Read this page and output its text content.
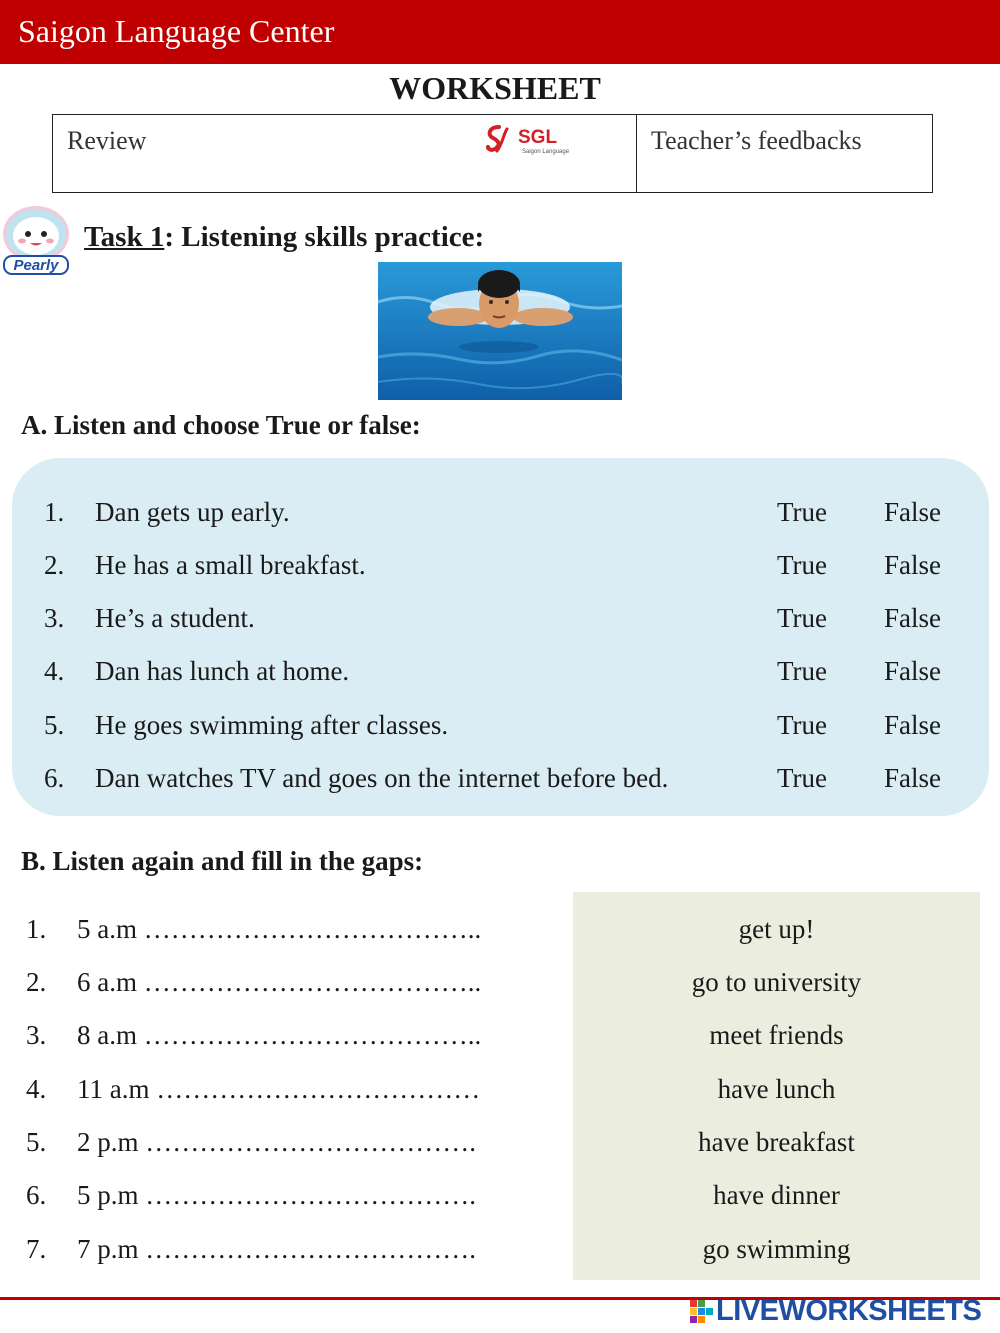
Saigon Language Center
WORKSHEET
Review	SGL
Saigon Language	Teacher’s feedbacks
Pearly
Task 1: Listening skills practice:
A. Listen and choose True or false:
1. Dan gets up early.	True False
2. He has a small breakfast.	True False
3. He’s a student.	True False
4. Dan has lunch at home.	True False
5. He goes swimming after classes.	True False
6. Dan watches TV and goes on the internet before bed.	True False
B. Listen again and fill in the gaps:
1. 5 a.m ………………………………..
2. 6 a.m ………………………………..
3. 8 a.m ………………………………..
4. 11 a.m ………………………………
5. 2 p.m ……………………………….
6. 5 p.m ……………………………….
7. 7 p.m ……………………………….
get up!
go to university
meet friends
have lunch
have breakfast
have dinner
go swimming
LIVEWORKSHEETS
